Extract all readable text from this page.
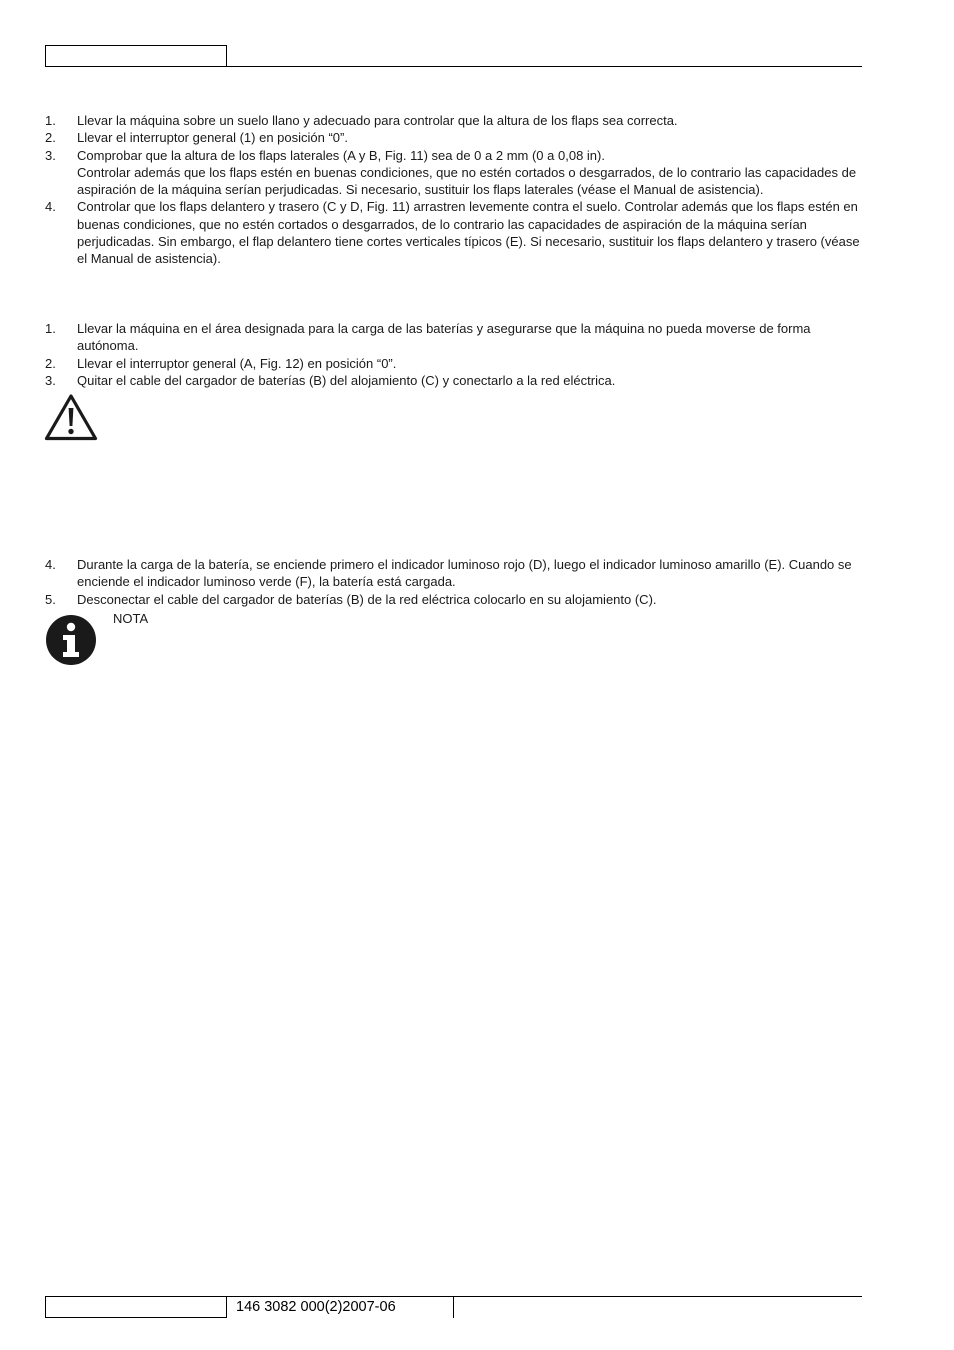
1. Llevar la máquina sobre un suelo llano y adecuado para controlar que la altura de los flaps sea correcta.
2. Llevar el interruptor general (1) en posición “0”.
3. Comprobar que la altura de los flaps laterales (A y B, Fig. 11) sea de 0 a 2 mm (0 a 0,08 in).
Controlar además que los flaps estén en buenas condiciones, que no estén cortados o desgarrados, de lo contrario las capacidades de aspiración de la máquina serían perjudicadas. Si necesario, sustituir los flaps laterales (véase el Manual de asistencia).
4. Controlar que los flaps delantero y trasero (C y D, Fig. 11) arrastren levemente contra el suelo. Controlar además que los flaps estén en buenas condiciones, que no estén cortados o desgarrados, de lo contrario las capacidades de aspiración de la máquina serían perjudicadas. Sin embargo, el flap delantero tiene cortes verticales típicos (E). Si necesario, sustituir los flaps delantero y trasero (véase el Manual de asistencia).
1. Llevar la máquina en el área designada para la carga de las baterías y asegurarse que la máquina no pueda moverse de forma autónoma.
2. Llevar el interruptor general (A, Fig. 12) en posición “0”.
3. Quitar el cable del cargador de baterías (B) del alojamiento (C) y conectarlo a la red eléctrica.
4. Durante la carga de la batería, se enciende primero el indicador luminoso rojo (D), luego el indicador luminoso amarillo (E). Cuando se enciende el indicador luminoso verde (F), la batería está cargada.
5. Desconectar el cable del cargador de baterías (B) de la red eléctrica colocarlo en su alojamiento (C).
NOTA
146 3082 000(2)2007-06
